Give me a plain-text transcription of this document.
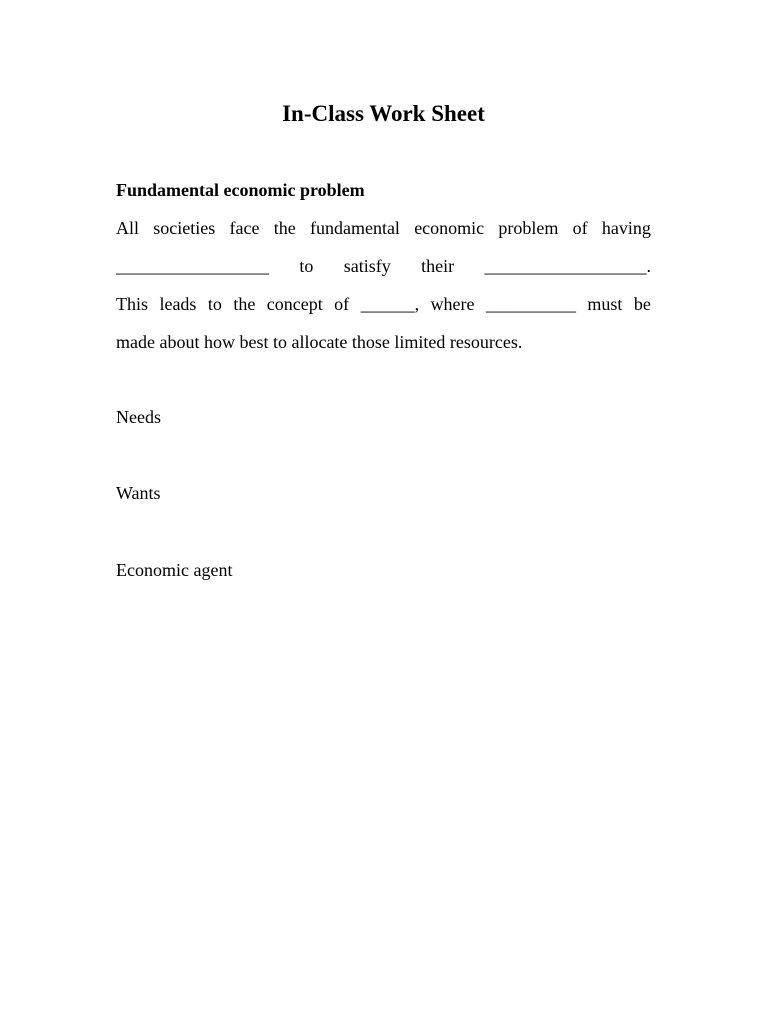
In-Class Work Sheet
Fundamental economic problem
All societies face the fundamental economic problem of having
_________________ to satisfy their __________________.
This leads to the concept of ______, where __________ must be
made about how best to allocate those limited resources.

Needs

Wants

Economic agent
